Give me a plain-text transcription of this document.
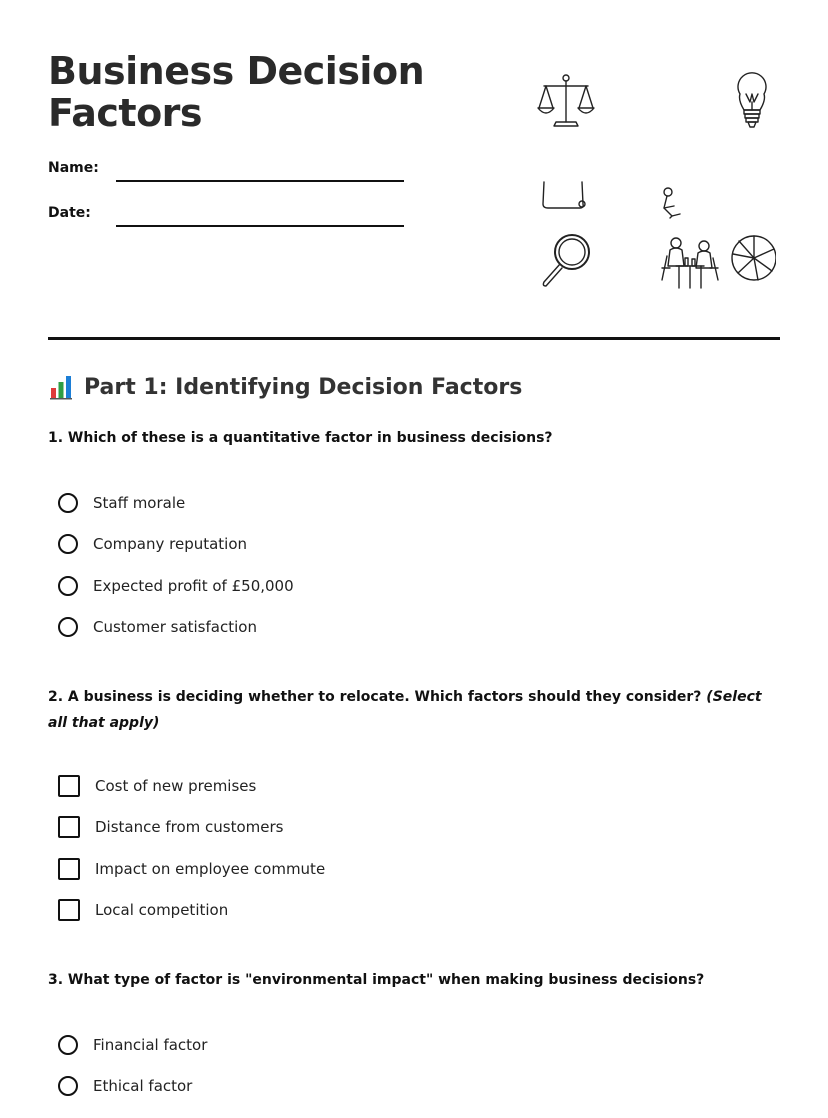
Business Decision
Factors
Name:
Date:
Part 1: Identifying Decision Factors
1. Which of these is a quantitative factor in business decisions?
Staff morale
Company reputation
Expected profit of £50,000
Customer satisfaction
2. A business is deciding whether to relocate. Which factors should they consider? (Select all that apply)
Cost of new premises
Distance from customers
Impact on employee commute
Local competition
3. What type of factor is "environmental impact" when making business decisions?
Financial factor
Ethical factor
